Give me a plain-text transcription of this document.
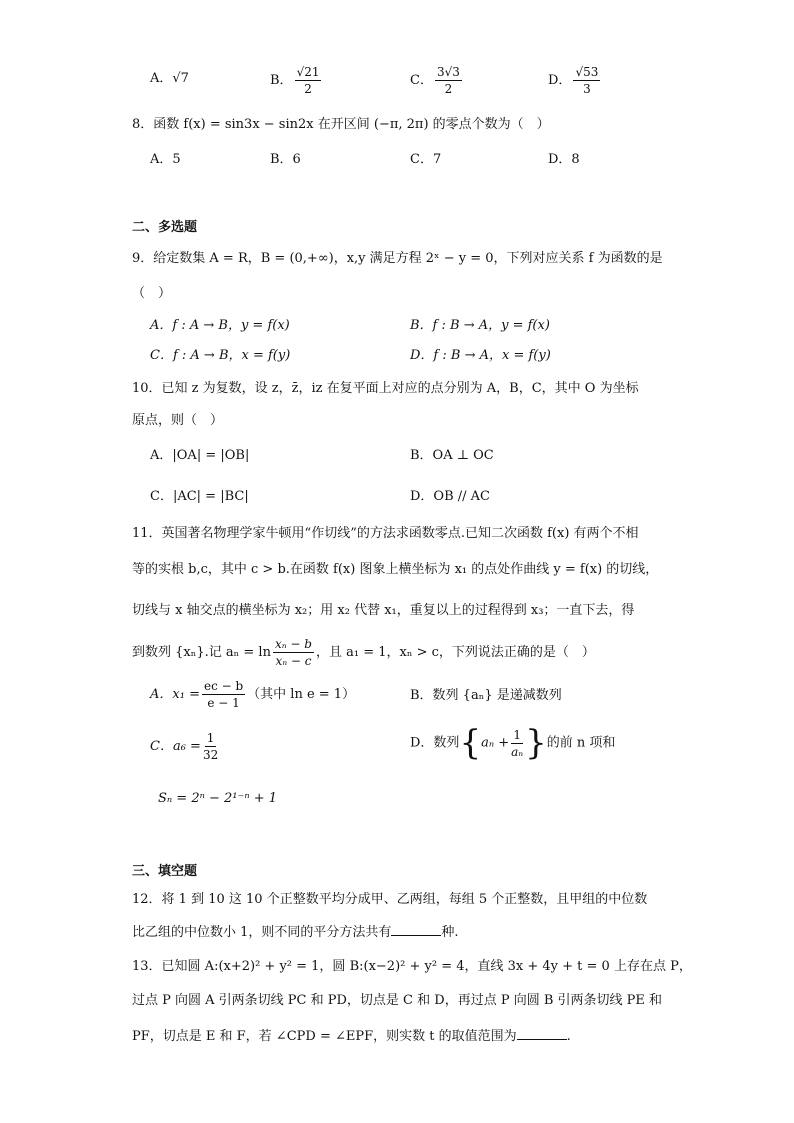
A．√7	B． $\frac{√21}{2}$	C． $\frac{3√3}{2}$	D． $\frac{√53}{3}$
8．函数 f(x) = sin3x − sin2x 在开区间 (−π, 2π) 的零点个数为（　）
A．5	B．6	C．7	D．8
二、多选题
9．给定数集 A = R，B = (0,+∞)，x,y 满足方程 2ˣ − y = 0，下列对应关系 f 为函数的是
（　）
A．f : A → B，y = f(x)	B．f : B → A，y = f(x)
C．f : A → B，x = f(y)	D．f : B → A，x = f(y)
10．已知 z 为复数，设 z，z̄，iz 在复平面上对应的点分别为 A，B，C，其中 O 为坐标
原点，则（　）
A．|OA| = |OB|	B．OA ⊥ OC
C．|AC| = |BC|	D．OB // AC
11．英国著名物理学家牛顿用“作切线”的方法求函数零点.已知二次函数 f(x) 有两个不相
等的实根 b,c，其中 c > b.在函数 f(x) 图象上横坐标为 x₁ 的点处作曲线 y = f(x) 的切线，
切线与 x 轴交点的横坐标为 x₂；用 x₂ 代替 x₁，重复以上的过程得到 x₃；一直下去，得
到数列 {xₙ}.记 $a_n = \ln \frac{\text{xₙ − b}}{\text{xₙ − c}}$ ，且 a₁ = 1，xₙ > c，下列说法正确的是（　）
A．$x_1 = \frac{ec - b}{e - 1}$ （其中 ln e = 1）	B．数列 {aₙ} 是递减数列
C．$a_6 = \frac{1}{32}$	D．数列{$a_n + \frac{1}{\text{aₙ}}$ }的前 n 项和
Sₙ = 2ⁿ − 2¹⁻ⁿ + 1
三、填空题
12．将 1 到 10 这 10 个正整数平均分成甲、乙两组，每组 5 个正整数，且甲组的中位数
比乙组的中位数小 1，则不同的平分方法共有	种.
13．已知圆 A:(x+2)² + y² = 1，圆 B:(x−2)² + y² = 4，直线 3x + 4y + t = 0 上存在点 P，
过点 P 向圆 A 引两条切线 PC 和 PD，切点是 C 和 D，再过点 P 向圆 B 引两条切线 PE 和
PF，切点是 E 和 F，若 ∠CPD = ∠EPF，则实数 t 的取值范围为	.
